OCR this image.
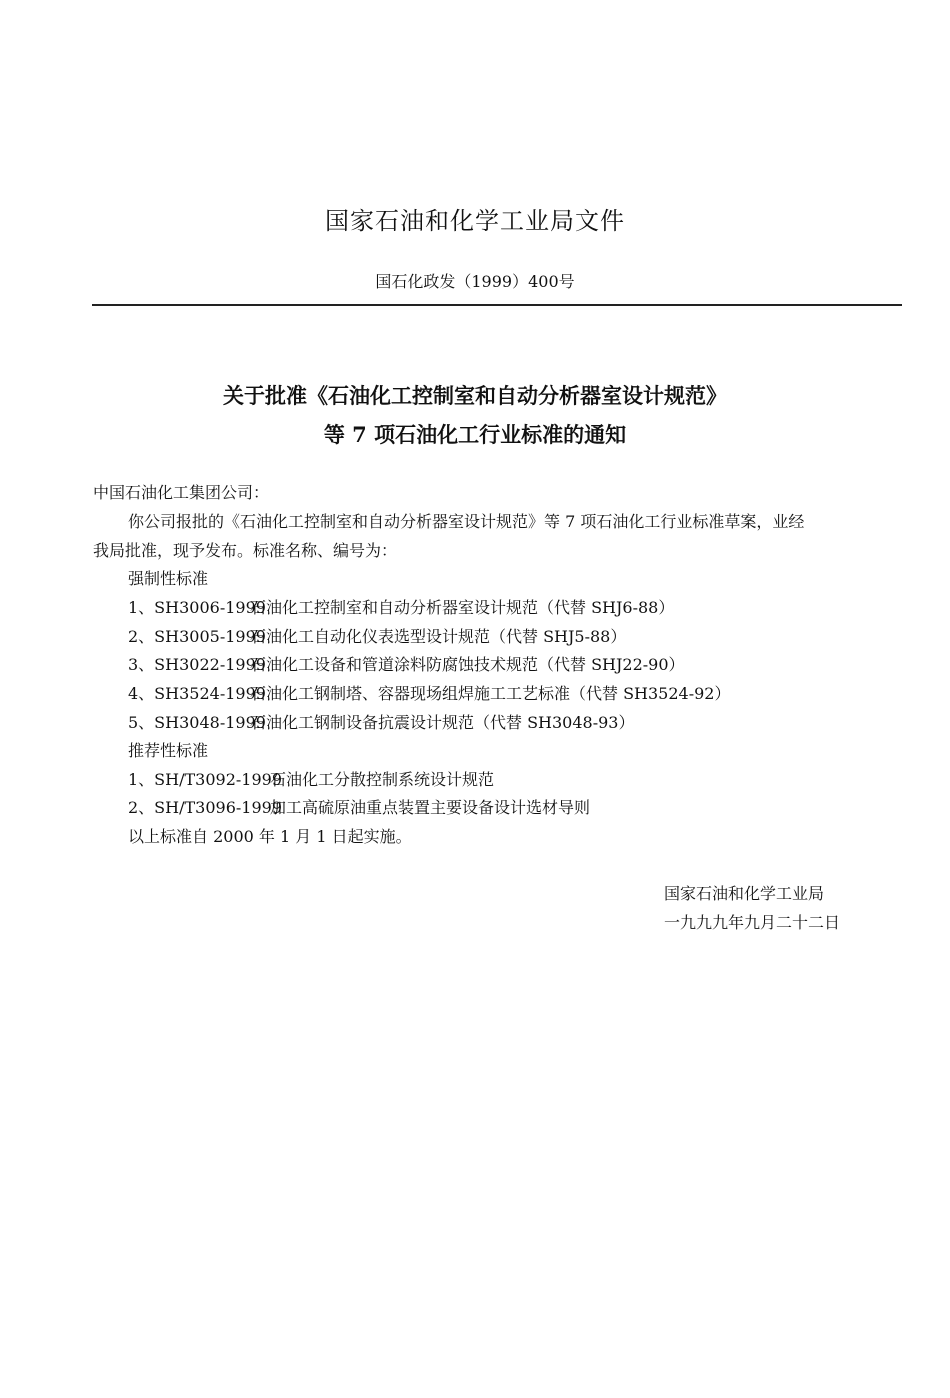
国家石油和化学工业局文件
国石化政发（1999）400号
关于批准《石油化工控制室和自动分析器室设计规范》
等 7 项石油化工行业标准的通知
中国石油化工集团公司：
你公司报批的《石油化工控制室和自动分析器室设计规范》等 7 项石油化工行业标准草案，业经
我局批准，现予发布。标准名称、编号为：
强制性标准
1、SH3006-1999石油化工控制室和自动分析器室设计规范（代替 SHJ6-88）
2、SH3005-1999石油化工自动化仪表选型设计规范（代替 SHJ5-88）
3、SH3022-1999石油化工设备和管道涂料防腐蚀技术规范（代替 SHJ22-90）
4、SH3524-1999石油化工钢制塔、容器现场组焊施工工艺标准（代替 SH3524-92）
5、SH3048-1999石油化工钢制设备抗震设计规范（代替 SH3048-93）
推荐性标准
1、SH/T3092-1999石油化工分散控制系统设计规范
2、SH/T3096-1999加工高硫原油重点装置主要设备设计选材导则
以上标准自 2000 年 1 月 1 日起实施。
国家石油和化学工业局
一九九九年九月二十二日
